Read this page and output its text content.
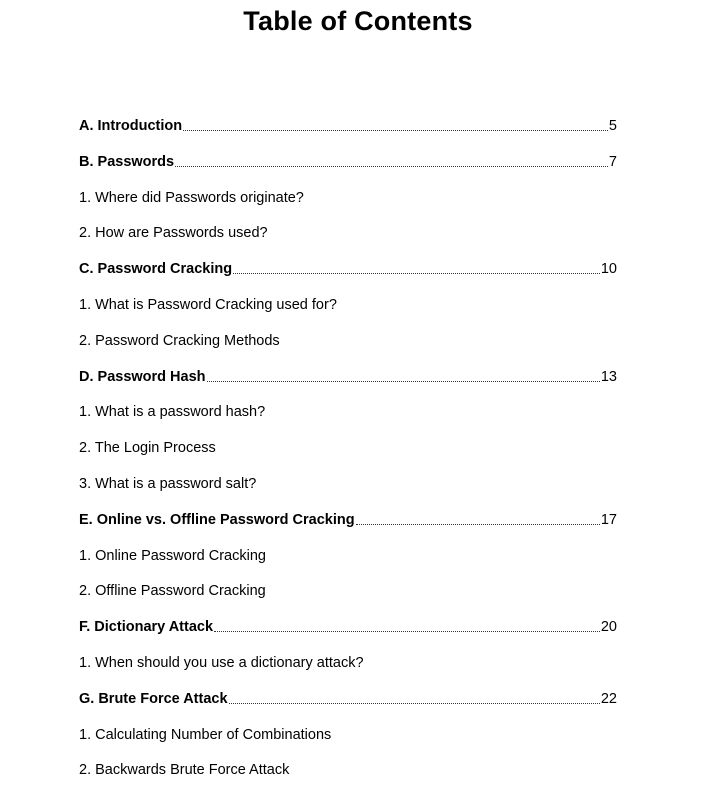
Table of Contents
A. Introduction	5
B. Passwords	7
1. Where did Passwords originate?
2. How are Passwords used?
C. Password Cracking	10
1. What is Password Cracking used for?
2. Password Cracking Methods
D. Password Hash	13
1. What is a password hash?
2. The Login Process
3. What is a password salt?
E. Online vs. Offline Password Cracking	17
1. Online Password Cracking
2. Offline Password Cracking
F. Dictionary Attack	20
1. When should you use a dictionary attack?
G. Brute Force Attack	22
1. Calculating Number of Combinations
2. Backwards Brute Force Attack
